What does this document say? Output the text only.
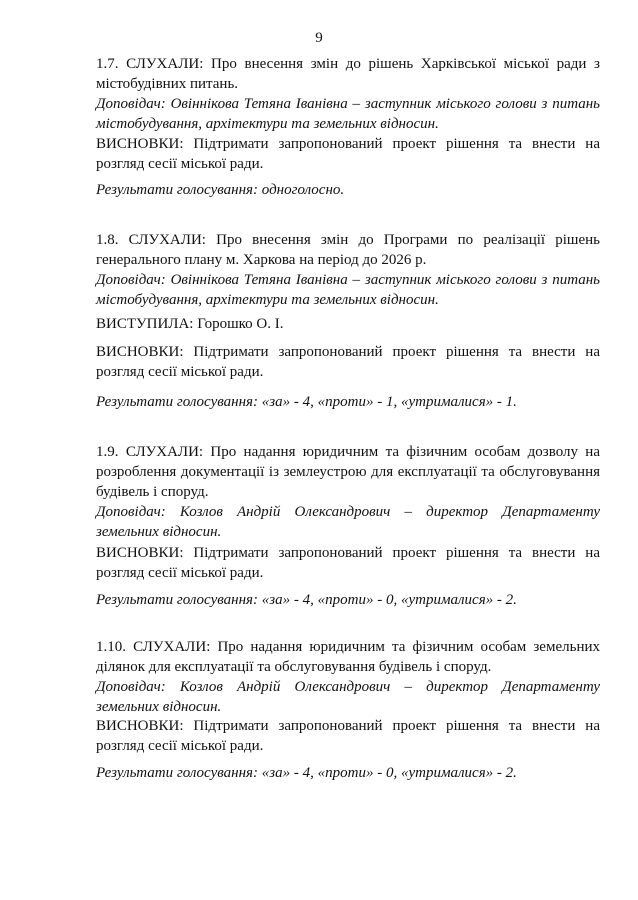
9
1.7. СЛУХАЛИ: Про внесення змін до рішень Харківської міської ради з містобудівних питань.
Доповідач: Овіннікова Тетяна Іванівна – заступник міського голови з питань містобудування, архітектури та земельних відносин.
ВИСНОВКИ: Підтримати запропонований проект рішення та внести на розгляд сесії міської ради.
Результати голосування: одноголосно.
1.8. СЛУХАЛИ: Про внесення змін до Програми по реалізації рішень генерального плану м. Харкова на період до 2026 р.
Доповідач: Овіннікова Тетяна Іванівна – заступник міського голови з питань містобудування, архітектури та земельних відносин.
ВИСТУПИЛА: Горошко О. І.
ВИСНОВКИ: Підтримати запропонований проект рішення та внести на розгляд сесії міської ради.
Результати голосування: «за» - 4, «проти» - 1, «утрималися» - 1.
1.9. СЛУХАЛИ: Про надання юридичним та фізичним особам дозволу на розроблення документації із землеустрою для експлуатації та обслуговування будівель і споруд.
Доповідач: Козлов Андрій Олександрович – директор Департаменту земельних відносин.
ВИСНОВКИ: Підтримати запропонований проект рішення та внести на розгляд сесії міської ради.
Результати голосування: «за» - 4, «проти» - 0, «утрималися» - 2.
1.10. СЛУХАЛИ: Про надання юридичним та фізичним особам земельних ділянок для експлуатації та обслуговування будівель і споруд.
Доповідач: Козлов Андрій Олександрович – директор Департаменту земельних відносин.
ВИСНОВКИ: Підтримати запропонований проект рішення та внести на розгляд сесії міської ради.
Результати голосування: «за» - 4, «проти» - 0, «утрималися» - 2.
